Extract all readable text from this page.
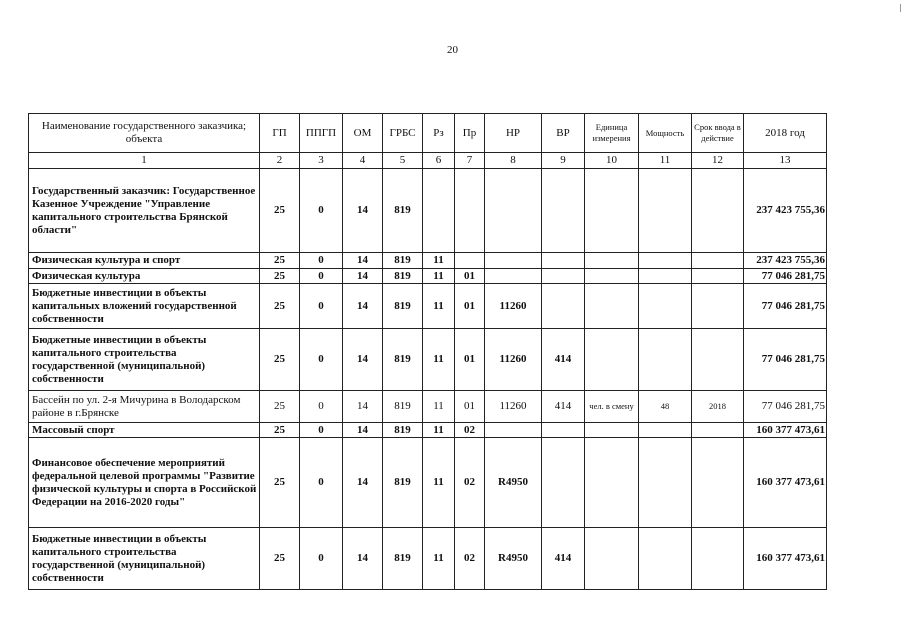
20
Наименование государственного заказчика; объекта	ГП	ППГП	ОМ	ГРБС	Рз	Пр	НР	ВР	Единица измерения	Мощность	Срок ввода в действие	2018 год
1	2	3	4	5	6	7	8	9	10	11	12	13
Государственный заказчик: Государственное Казенное Учреждение "Управление капитального строительства Брянской области"	25	0	14	819								237 423 755,36
Физическая культура и спорт	25	0	14	819	11							237 423 755,36
Физическая культура	25	0	14	819	11	01						77 046 281,75
Бюджетные инвестиции в объекты капитальных вложений государственной собственности	25	0	14	819	11	01	11260					77 046 281,75
Бюджетные инвестиции в объекты капитального строительства государственной (муниципальной) собственности	25	0	14	819	11	01	11260	414				77 046 281,75
Бассейн по ул. 2-я Мичурина в Володарском районе в г.Брянске	25	0	14	819	11	01	11260	414	чел. в смену	48	2018	77 046 281,75
Массовый спорт	25	0	14	819	11	02						160 377 473,61
Финансовое обеспечение мероприятий федеральной целевой программы "Развитие физической культуры и спорта в Российской Федерации на 2016-2020 годы"	25	0	14	819	11	02	R4950					160 377 473,61
Бюджетные инвестиции в объекты капитального строительства государственной (муниципальной) собственности	25	0	14	819	11	02	R4950	414				160 377 473,61
